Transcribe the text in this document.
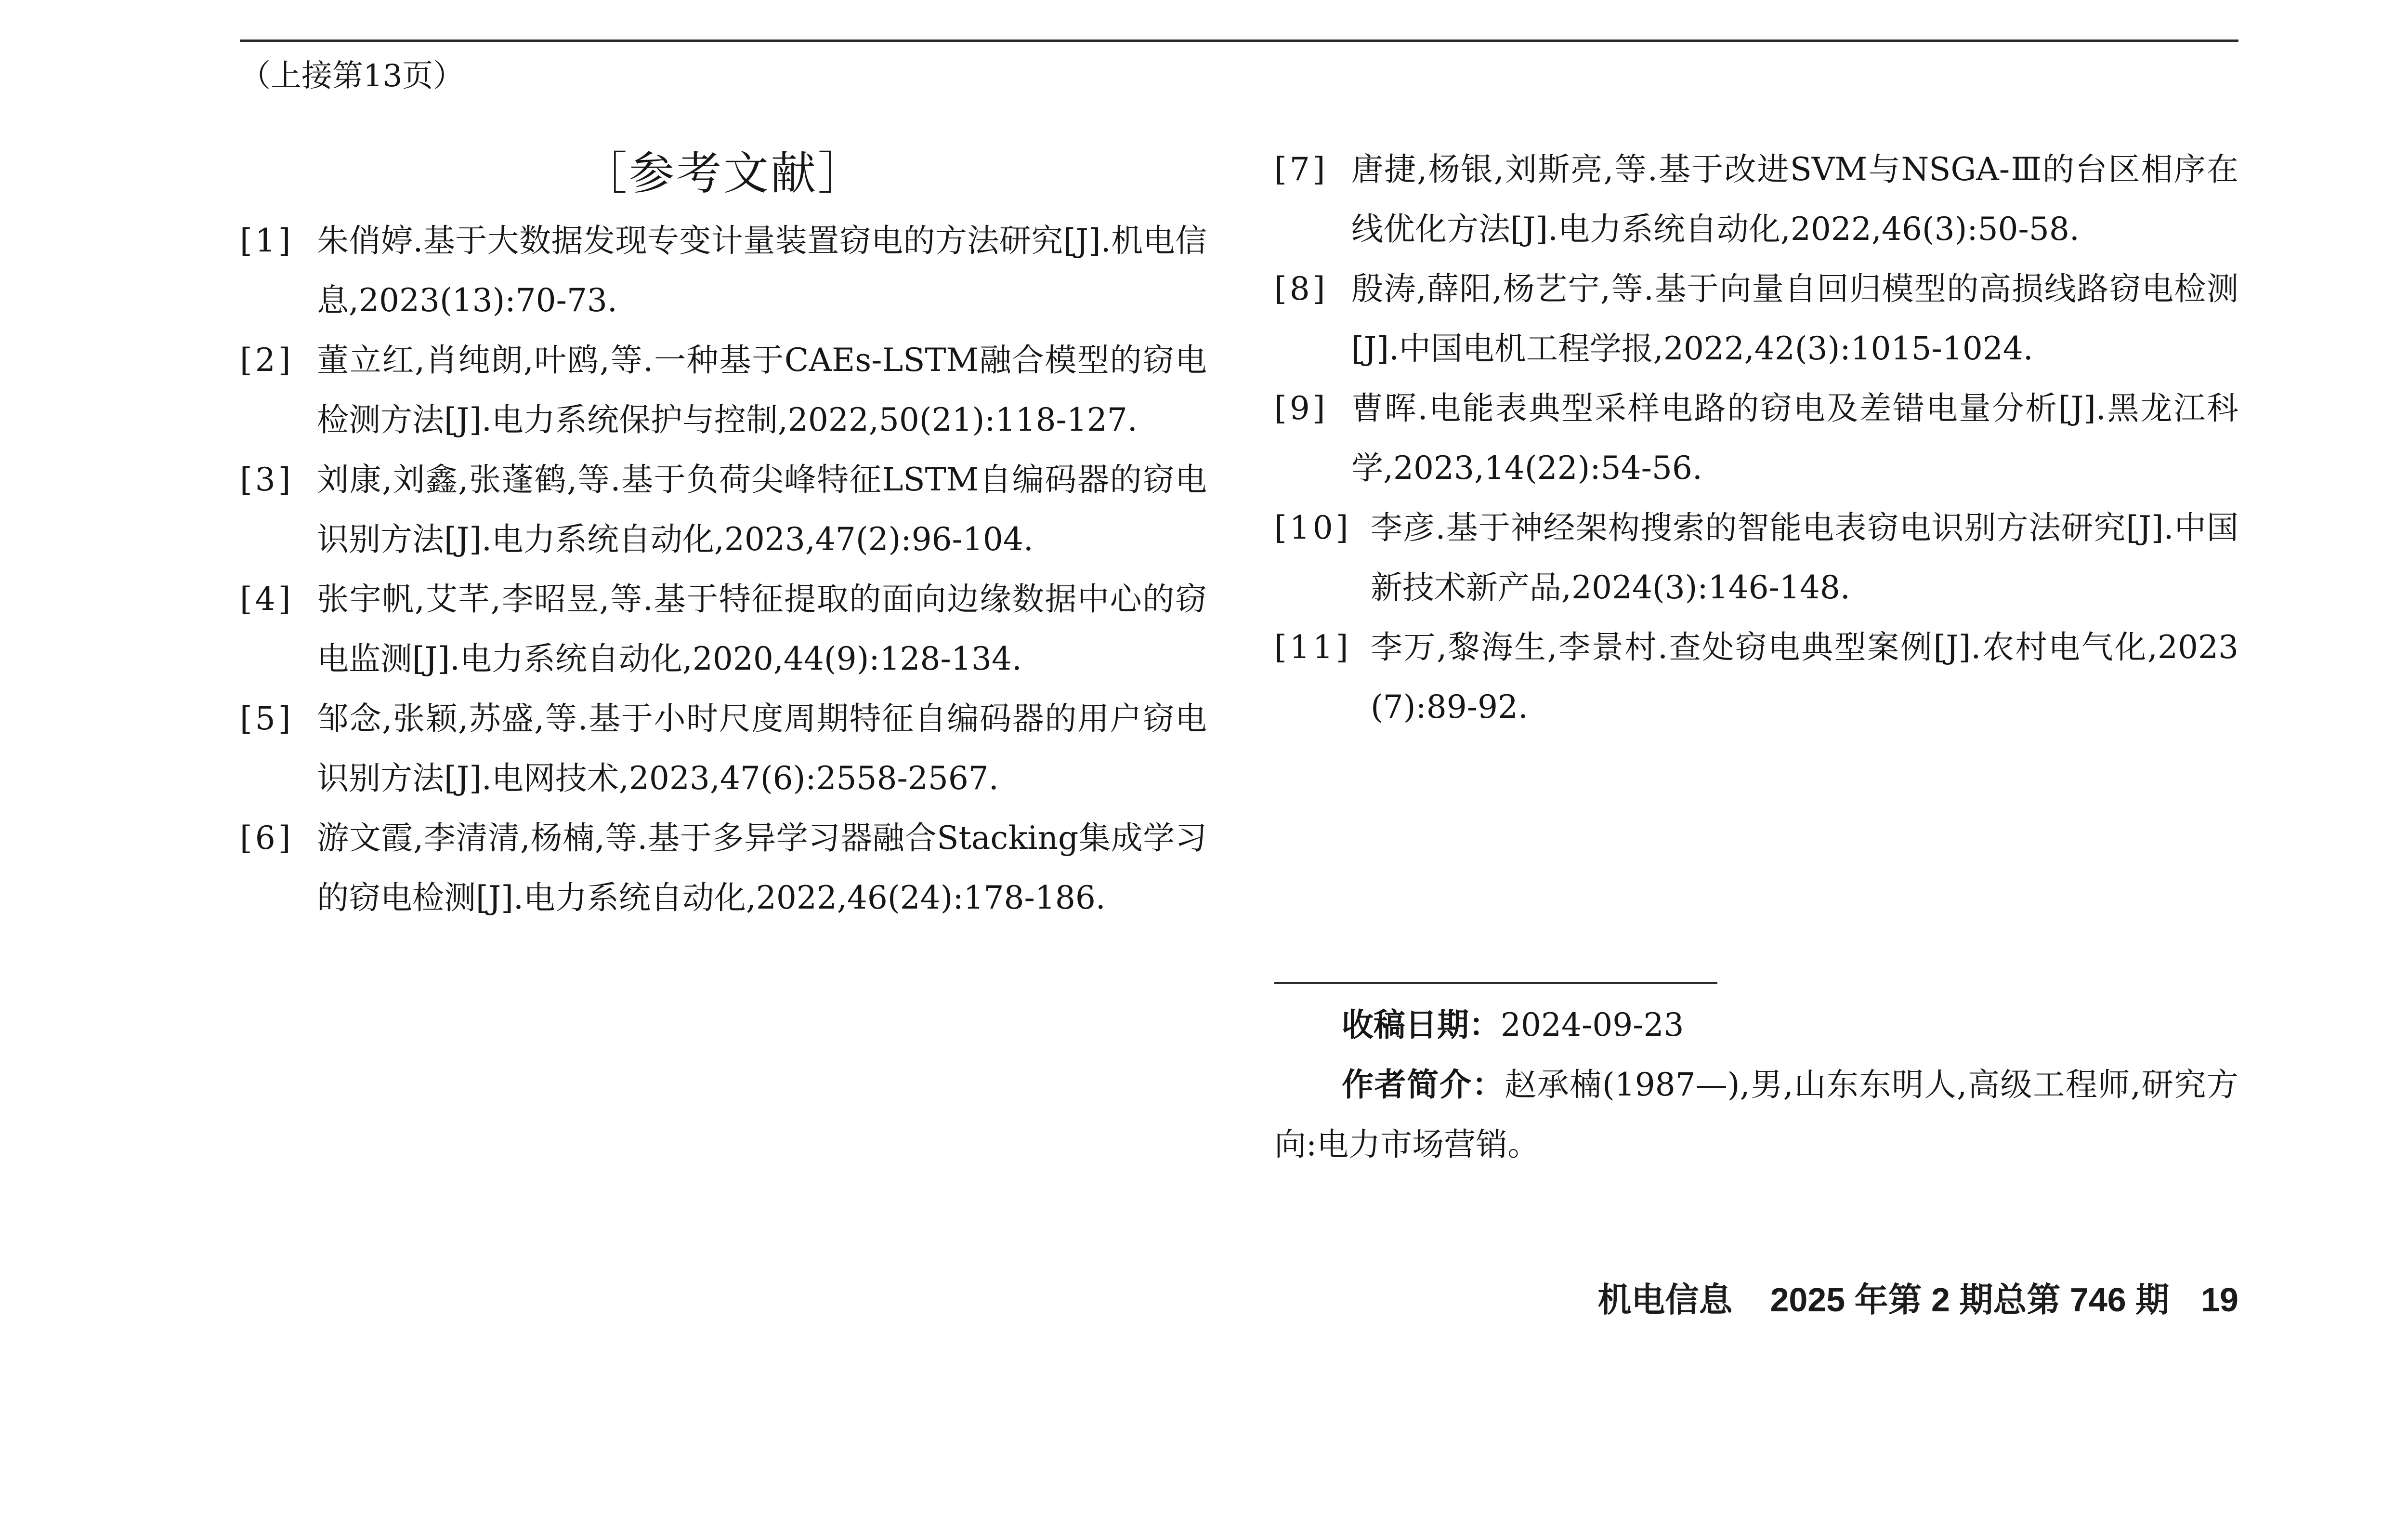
（上接第13页）
［参考文献］
[1] 朱俏婷.基于大数据发现专变计量装置窃电的方法研究[J].机电信息,2023(13):70-73.
[2] 董立红,肖纯朗,叶鸥,等.一种基于CAEs-LSTM融合模型的窃电检测方法[J].电力系统保护与控制,2022,50(21):118-127.
[3] 刘康,刘鑫,张蓬鹤,等.基于负荷尖峰特征LSTM自编码器的窃电识别方法[J].电力系统自动化,2023,47(2):96-104.
[4] 张宇帆,艾芊,李昭昱,等.基于特征提取的面向边缘数据中心的窃电监测[J].电力系统自动化,2020,44(9):128-134.
[5] 邹念,张颖,苏盛,等.基于小时尺度周期特征自编码器的用户窃电识别方法[J].电网技术,2023,47(6):2558-2567.
[6] 游文霞,李清清,杨楠,等.基于多异学习器融合Stacking集成学习的窃电检测[J].电力系统自动化,2022,46(24):178-186.
[7] 唐捷,杨银,刘斯亮,等.基于改进SVM与NSGA-Ⅲ的台区相序在线优化方法[J].电力系统自动化,2022,46(3):50-58.
[8] 殷涛,薛阳,杨艺宁,等.基于向量自回归模型的高损线路窃电检测[J].中国电机工程学报,2022,42(3):1015-1024.
[9] 曹晖.电能表典型采样电路的窃电及差错电量分析[J].黑龙江科学,2023,14(22):54-56.
[10] 李彦.基于神经架构搜索的智能电表窃电识别方法研究[J].中国新技术新产品,2024(3):146-148.
[11] 李万,黎海生,李景村.查处窃电典型案例[J].农村电气化,2023(7):89-92.
收稿日期：2024-09-23
作者简介：赵承楠(1987—),男,山东东明人,高级工程师,研究方向:电力市场营销。
机电信息 2025 年第 2 期总第 746 期 19
